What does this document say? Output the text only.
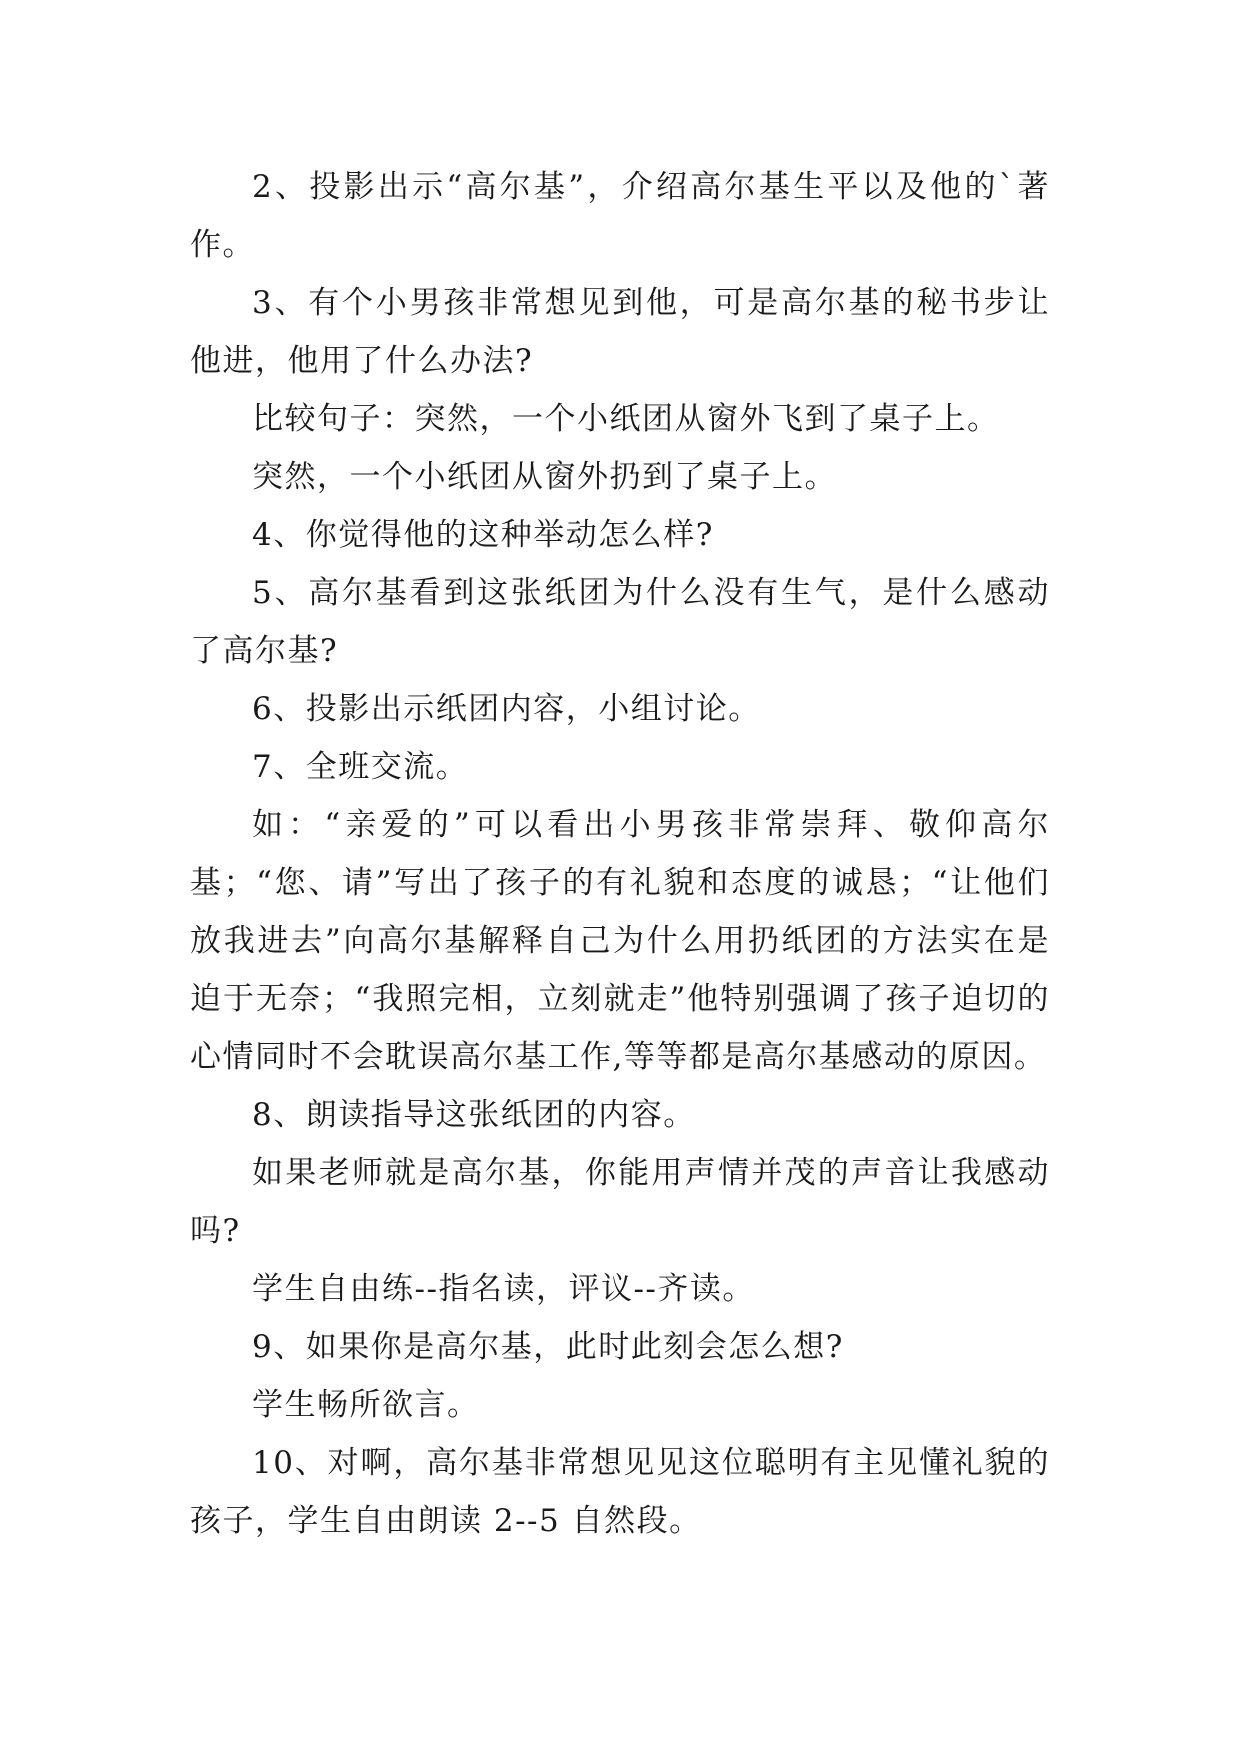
2、投影出示“高尔基”，介绍高尔基生平以及他的`著作。

3、有个小男孩非常想见到他，可是高尔基的秘书步让他进，他用了什么办法?

比较句子：突然，一个小纸团从窗外飞到了桌子上。

突然，一个小纸团从窗外扔到了桌子上。

4、你觉得他的这种举动怎么样?

5、高尔基看到这张纸团为什么没有生气，是什么感动了高尔基?

6、投影出示纸团内容，小组讨论。

7、全班交流。

如：“亲爱的”可以看出小男孩非常崇拜、敬仰高尔基；“您、请”写出了孩子的有礼貌和态度的诚恳；“让他们放我进去”向高尔基解释自己为什么用扔纸团的方法实在是迫于无奈；“我照完相，立刻就走”他特别强调了孩子迫切的心情同时不会耽误高尔基工作,等等都是高尔基感动的原因。

8、朗读指导这张纸团的内容。

如果老师就是高尔基，你能用声情并茂的声音让我感动吗?

学生自由练--指名读，评议--齐读。

9、如果你是高尔基，此时此刻会怎么想?

学生畅所欲言。

10、对啊，高尔基非常想见见这位聪明有主见懂礼貌的孩子，学生自由朗读 2--5 自然段。
